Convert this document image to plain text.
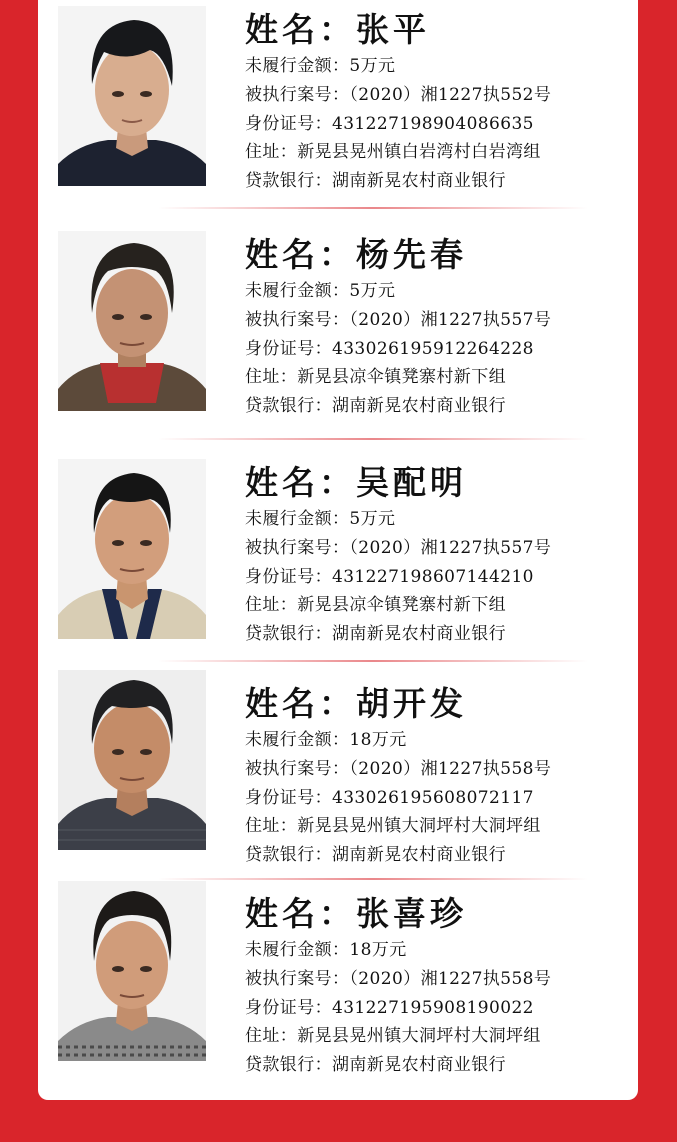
姓名：张平
未履行金额：5万元
被执行案号：（2020）湘1227执552号
身份证号：431227198904086635
住址：新晃县晃州镇白岩湾村白岩湾组
贷款银行：湖南新晃农村商业银行
姓名：杨先春
未履行金额：5万元
被执行案号：（2020）湘1227执557号
身份证号：433026195912264228
住址：新晃县凉伞镇凳寨村新下组
贷款银行：湖南新晃农村商业银行
姓名：吴配明
未履行金额：5万元
被执行案号：（2020）湘1227执557号
身份证号：431227198607144210
住址：新晃县凉伞镇凳寨村新下组
贷款银行：湖南新晃农村商业银行
姓名：胡开发
未履行金额：18万元
被执行案号：（2020）湘1227执558号
身份证号：433026195608072117
住址：新晃县晃州镇大洞坪村大洞坪组
贷款银行：湖南新晃农村商业银行
姓名：张喜珍
未履行金额：18万元
被执行案号：（2020）湘1227执558号
身份证号：431227195908190022
住址：新晃县晃州镇大洞坪村大洞坪组
贷款银行：湖南新晃农村商业银行
